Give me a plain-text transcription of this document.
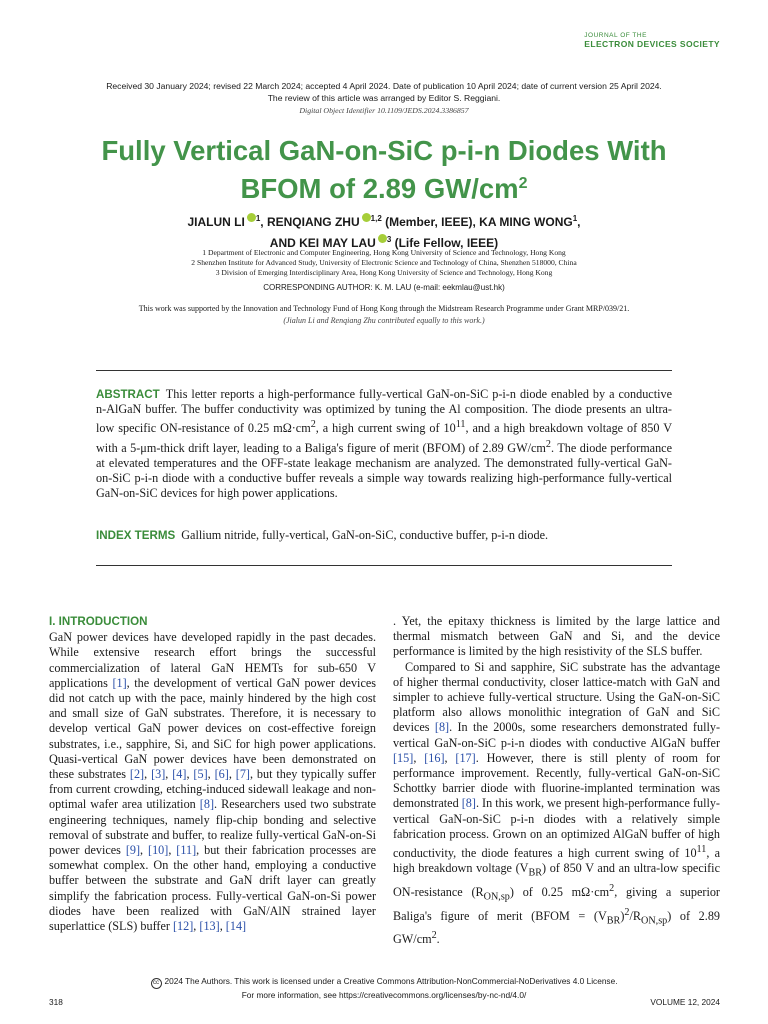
JOURNAL OF THE
ELECTRON DEVICES SOCIETY
Received 30 January 2024; revised 22 March 2024; accepted 4 April 2024. Date of publication 10 April 2024; date of current version 25 April 2024.
The review of this article was arranged by Editor S. Reggiani.
Digital Object Identifier 10.1109/JEDS.2024.3386857
Fully Vertical GaN-on-SiC p-i-n Diodes With
BFOM of 2.89 $GW/cm^2$
JIALUN LI $^1$, RENQIANG ZHU $^{1,2}$ (Member, IEEE), KA MING WONG$^1$,
AND KEI MAY LAU $^3$ (Life Fellow, IEEE)
1 Department of Electronic and Computer Engineering, Hong Kong University of Science and Technology, Hong Kong
2 Shenzhen Institute for Advanced Study, University of Electronic Science and Technology of China, Shenzhen 518000, China
3 Division of Emerging Interdisciplinary Area, Hong Kong University of Science and Technology, Hong Kong
CORRESPONDING AUTHOR: K. M. LAU (e-mail: eekmlau@ust.hk)
This work was supported by the Innovation and Technology Fund of Hong Kong through the Midstream Research Programme under Grant MRP/039/21.
(Jialun Li and Renqiang Zhu contributed equally to this work.)
ABSTRACT This letter reports a high-performance fully-vertical GaN-on-SiC p-i-n diode enabled by a conductive n-AlGaN buffer. The buffer conductivity was optimized by tuning the Al composition. The diode presents an ultra-low specific ON-resistance of 0.25 $m\Omega\cdot cm^2$, a high current swing of $10^{11}$, and a high breakdown voltage of 850 V with a 5-μm-thick drift layer, leading to a Baliga's figure of merit (BFOM) of 2.89 $GW/cm^2$. The diode performance at elevated temperatures and the OFF-state leakage mechanism are analyzed. The demonstrated fully-vertical GaN-on-SiC p-i-n diode with a conductive buffer reveals a simple way towards realizing high-performance fully-vertical GaN-on-SiC devices for high power applications.
INDEX TERMS Gallium nitride, fully-vertical, GaN-on-SiC, conductive buffer, p-i-n diode.
I. INTRODUCTION

GaN power devices have developed rapidly in the past decades. While extensive research effort brings the successful commercialization of lateral GaN HEMTs for sub-650 V applications [1], the development of vertical GaN power devices did not catch up with the pace, mainly hindered by the high cost and small size of GaN substrates. Therefore, it is necessary to develop vertical GaN power devices on cost-effective foreign substrates, i.e., sapphire, Si, and SiC for high power applications. Quasi-vertical GaN power devices have been demonstrated on these substrates [2], [3], [4], [5], [6], [7], but they typically suffer from current crowding, etching-induced sidewall leakage and non-optimal wafer area utilization [8]. Researchers used two substrate engineering techniques, namely flip-chip bonding and selective removal of substrate and buffer, to realize fully-vertical GaN-on-Si power devices [9], [10], [11], but their fabrication processes are somewhat complex. On the other hand, employing a conductive buffer between the substrate and GaN drift layer can greatly simplify the fabrication process. Fully-vertical GaN-on-Si power diodes have been realized with GaN/AlN strained layer superlattice (SLS) buffer [12], [13], [14]

. Yet, the epitaxy thickness is limited by the large lattice and thermal mismatch between GaN and Si, and the device performance is limited by the high resistivity of the SLS buffer.

Compared to Si and sapphire, SiC substrate has the advantage of higher thermal conductivity, closer lattice-match with GaN and simpler to achieve fully-vertical structure. Using the GaN-on-SiC platform also allows monolithic integration of GaN and SiC devices [8]. In the 2000s, some researchers demonstrated fully-vertical GaN-on-SiC p-i-n diodes with conductive AlGaN buffer [15], [16], [17]. However, there is still plenty of room for performance improvement. Recently, fully-vertical GaN-on-SiC Schottky barrier diode with fluorine-implanted termination was demonstrated [8]. In this work, we present high-performance fully-vertical GaN-on-SiC p-i-n diodes with a relatively simple fabrication process. Grown on an optimized AlGaN buffer of high conductivity, the diode features a high current swing of $10^{11}$, a high breakdown voltage $(V_{BR})$ of 850 V and an ultra-low specific ON-resistance $(R_{ON,sp})$ of 0.25 $m\Omega\cdot cm^2$, giving a superior Baliga's figure of merit (BFOM = $(V_{BR})^2/R_{ON,sp}$) of 2.89 $GW/cm^2$.

cc 2024 The Authors. This work is licensed under a Creative Commons Attribution-NonCommercial-NoDerivatives 4.0 License.
For more information, see https://creativecommons.org/licenses/by-nc-nd/4.0/
318	VOLUME 12, 2024
